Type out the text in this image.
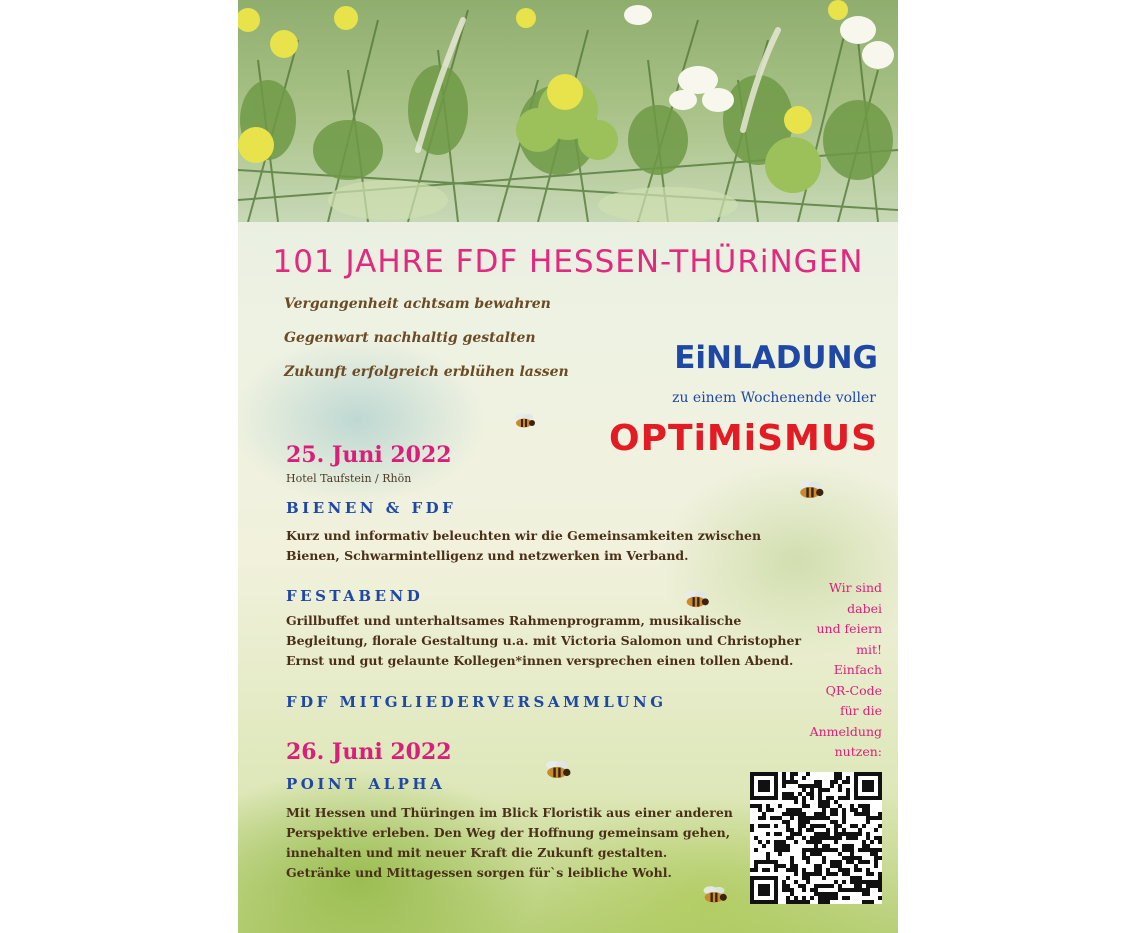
101 JAHRE FDF HESSEN-THÜRiNGEN
Vergangenheit achtsam bewahren
Gegenwart nachhaltig gestalten
Zukunft erfolgreich erblühen lassen	EiNLADUNG
zu einem Wochenende voller
OPTiMiSMUS
25. Juni 2022
Hotel Taufstein / Rhön
BIENEN & FDF
Kurz und informativ beleuchten wir die Gemeinsamkeiten zwischen
Bienen, Schwarmintelligenz und netzwerken im Verband.
FESTABEND
Grillbuffet und unterhaltsames Rahmenprogramm, musikalische
Begleitung, florale Gestaltung u.a. mit Victoria Salomon und Christopher
Ernst und gut gelaunte Kollegen*innen versprechen einen tollen Abend.
FDF MITGLIEDERVERSAMMLUNG
26. Juni 2022
POINT ALPHA
Mit Hessen und Thüringen im Blick Floristik aus einer anderen
Perspektive erleben. Den Weg der Hoffnung gemeinsam gehen,
innehalten und mit neuer Kraft die Zukunft gestalten.
Getränke und Mittagessen sorgen für`s leibliche Wohl.
Wir sind
dabei
und feiern
mit!
Einfach
QR-Code
für die
Anmeldung
nutzen:
